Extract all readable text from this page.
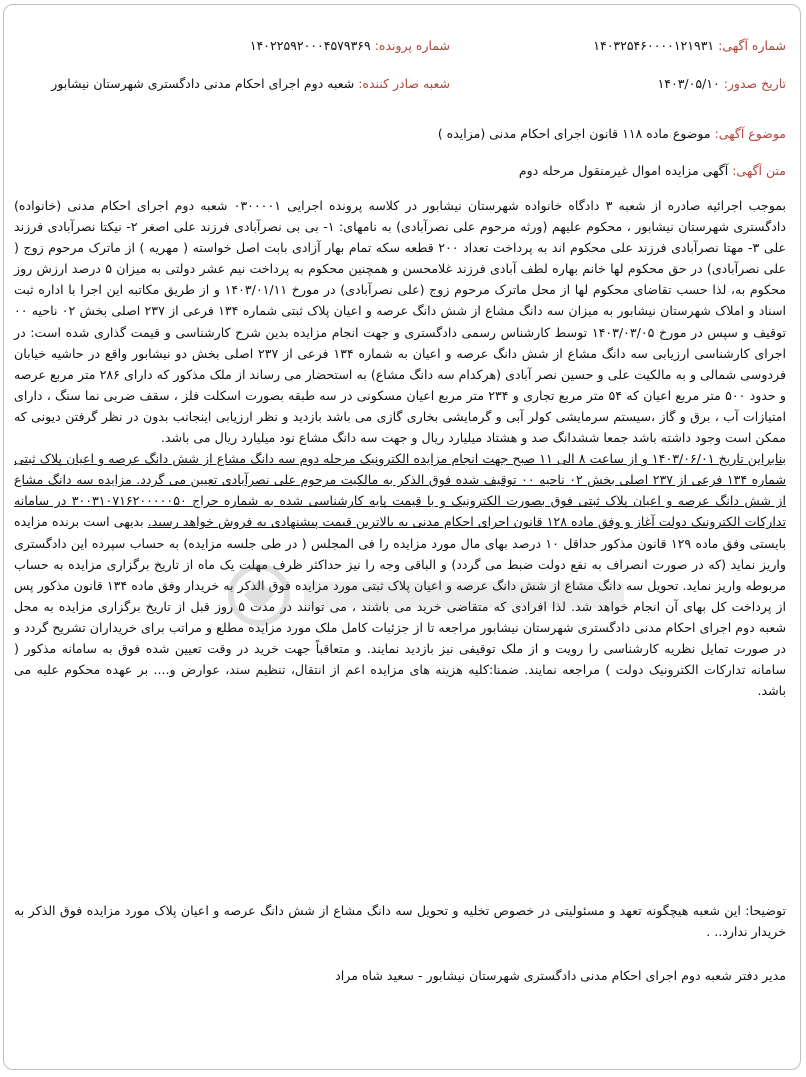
شماره آگهی: ۱۴۰۳۲۵۴۶۰۰۰۰۱۲۱۹۳۱
شماره پرونده: ۱۴۰۲۲۵۹۲۰۰۰۴۵۷۹۳۶۹
تاریخ صدور: ۱۴۰۳/۰۵/۱۰
شعبه صادر کننده: شعبه دوم اجرای احکام مدنی دادگستری شهرستان نیشابور
موضوع آگهی: موضوع ماده ۱۱۸ قانون اجرای احکام مدنی (مزایده )
متن آگهی: آگهی مزایده اموال غیرمنقول مرحله دوم

بموجب اجرائیه صادره از شعبه ۳ دادگاه خانواده شهرستان نیشابور در کلاسه پرونده اجرایی ۰۳۰۰۰۰۱ شعبه دوم اجرای احکام مدنی (خانواده) دادگستری شهرستان نیشابور ، محکوم علیهم (ورثه مرحوم علی نصرآبادی) به نامهای: ۱- بی بی نصرآبادی فرزند علی اصغر ۲- نیکتا نصرآبادی فرزند علی ۳- مهتا نصرآبادی فرزند علی محکوم اند به پرداخت تعداد ۲۰۰ قطعه سکه تمام بهار آزادی بابت اصل خواسته ( مهریه ) از ماترک مرحوم زوج ( علی نصرآبادی) در حق محکوم لها خانم بهاره لطف آبادی فرزند غلامحسن و همچنین محکوم به پرداخت نیم عشر دولتی به میزان ۵ درصد ارزش روز محکوم به، لذا حسب تقاضای محکوم لها از محل ماترک مرحوم زوج (علی نصرآبادی) در مورخ ۱۴۰۳/۰۱/۱۱ و از طریق مکاتبه این اجرا با اداره ثبت اسناد و املاک شهرستان نیشابور به میزان سه دانگ مشاع از شش دانگ عرصه و اعیان پلاک ثبتی شماره ۱۳۴ فرعی از ۲۳۷ اصلی بخش ۰۲ ناحیه ۰۰ توقیف و سپس در مورخ ۱۴۰۳/۰۳/۰۵ توسط کارشناس رسمی دادگستری و جهت انجام مزایده بدین شرح کارشناسی و قیمت گذاری شده است: در اجرای کارشناسی ارزیابی سه دانگ مشاع از شش دانگ عرصه و اعیان به شماره ۱۳۴ فرعی از ۲۳۷ اصلی بخش دو نیشابور واقع در حاشیه خیابان فردوسی شمالی و به مالکیت علی و حسین نصر آبادی (هرکدام سه دانگ مشاع) به استحضار می رساند از ملک مذکور که دارای ۲۸۶ متر مربع عرصه و حدود ۵۰۰ متر مربع اعیان که ۵۴ متر مربع تجاری و ۲۳۴ متر مربع اعیان مسکونی در سه طبقه بصورت اسکلت فلز ، سقف ضربی نما سنگ ، دارای امتیازات آب ، برق و گاز ،سیستم سرمایشی کولر آبی و گرمایشی بخاری گازی می باشد بازدید و نظر ارزیابی اینجانب بدون در نظر گرفتن دیونی که ممکن است وجود داشته باشد جمعا ششدانگ صد و هشتاد میلیارد ریال و جهت سه دانگ مشاع نود میلیارد ریال می باشد.

بنابراین تاریخ ۱۴۰۳/۰۶/۰۱ و از ساعت ۸ الی ۱۱ صبح جهت انجام مزایده الکترونیک مرحله دوم سه دانگ مشاع از شش دانگ عرصه و اعیان پلاک ثبتی شماره ۱۳۴ فرعی از ۲۳۷ اصلی بخش ۰۲ ناحیه ۰۰ توقیف شده فوق الذکر به مالکیت مرحوم علی نصرآبادی تعیین می گردد. مزایده سه دانگ مشاع از شش دانگ عرصه و اعیان پلاک ثبتی فوق بصورت الکترونیک و با قیمت پایه کارشناسی شده به شماره حراج ۳۰۰۳۱۰۷۱۶۲۰۰۰۰۰۵۰ در سامانه تدارکات الکترونیک دولت آغاز و وفق ماده ۱۲۸ قانون اجرای احکام مدنی به بالاترین قیمت پیشنهادی به فروش خواهد رسید. بدیهی است برنده مزایده بایستی وفق ماده ۱۲۹ قانون مذکور حداقل ۱۰ درصد بهای مال مورد مزایده را فی المجلس ( در طی جلسه مزایده) به حساب سپرده این دادگستری واریز نماید (که در صورت انصراف به نفع دولت ضبط می گردد) و الباقی وجه را نیز حداکثر ظرف مهلت یک ماه از تاریخ برگزاری مزایده به حساب مربوطه واریز نماید. تحویل سه دانگ مشاع از شش دانگ عرصه و اعیان پلاک ثبتی مورد مزایده فوق الذکر به خریدار وفق ماده ۱۳۴ قانون مذکور پس از پرداخت کل بهای آن انجام خواهد شد. لذا افرادی که متقاضی خرید می باشند ، می توانند در مدت ۵ روز قبل از تاریخ برگزاری مزایده به محل شعبه دوم اجرای احکام مدنی دادگستری شهرستان نیشابور مراجعه تا از جزئیات کامل ملک مورد مزایده مطلع و مراتب برای خریداران تشریح گردد و در صورت تمایل نظریه کارشناسی را رویت و از ملک توقیفی نیز بازدید نمایند. و متعاقباً جهت خرید در وقت تعیین شده فوق به سامانه مذکور ( سامانه تدارکات الکترونیک دولت ) مراجعه نمایند. ضمنا:کلیه هزینه های مزایده اعم از انتقال، تنظیم سند، عوارض و.... بر عهده محکوم علیه می باشد.

توضیحا: این شعبه هیچگونه تعهد و مسئولیتی در خصوص تخلیه و تحویل سه دانگ مشاع از شش دانگ عرصه و اعیان پلاک مورد مزایده فوق الذکر به خریدار ندارد.. .
مدیر دفتر شعبه دوم اجرای احکام مدنی دادگستری شهرستان نیشابور - سعید شاه مراد
